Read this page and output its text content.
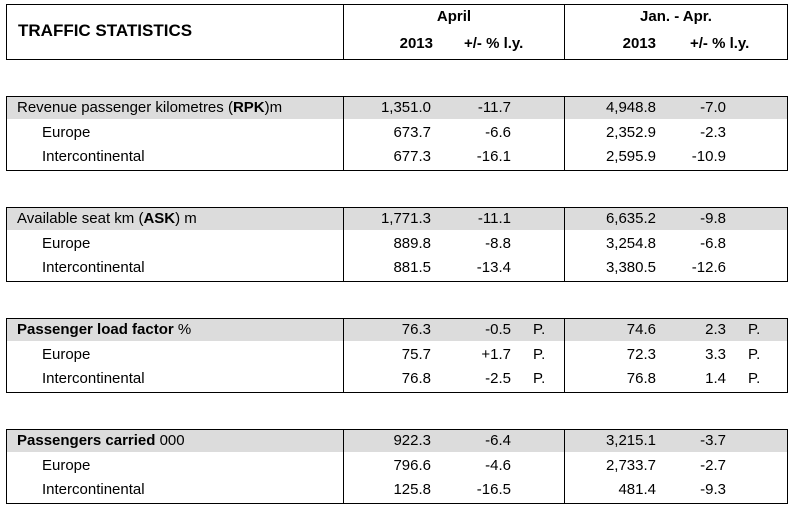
TRAFFIC STATISTICS
April	Jan. - Apr.
2013 +/- % l.y.	2013 +/- % l.y.
Revenue passenger kilometres (RPK)m
Europe
Intercontinental
1,351.0
673.7
677.3
-11.7
-6.6
-16.1
4,948.8
2,352.9
2,595.9
-7.0
-2.3
-10.9
Available seat km (ASK) m
Europe
Intercontinental
1,771.3
889.8
881.5
-11.1
-8.8
-13.4
6,635.2
3,254.8
3,380.5
-9.8
-6.8
-12.6
Passenger load factor %
Europe
Intercontinental
76.3
75.7
76.8
-0.5
+1.7
-2.5
P.
P.
P.
74.6
72.3
76.8
2.3
3.3
1.4
P.
P.
P.
Passengers carried 000
Europe
Intercontinental
922.3
796.6
125.8
-6.4
-4.6
-16.5
3,215.1
2,733.7
481.4
-3.7
-2.7
-9.3
